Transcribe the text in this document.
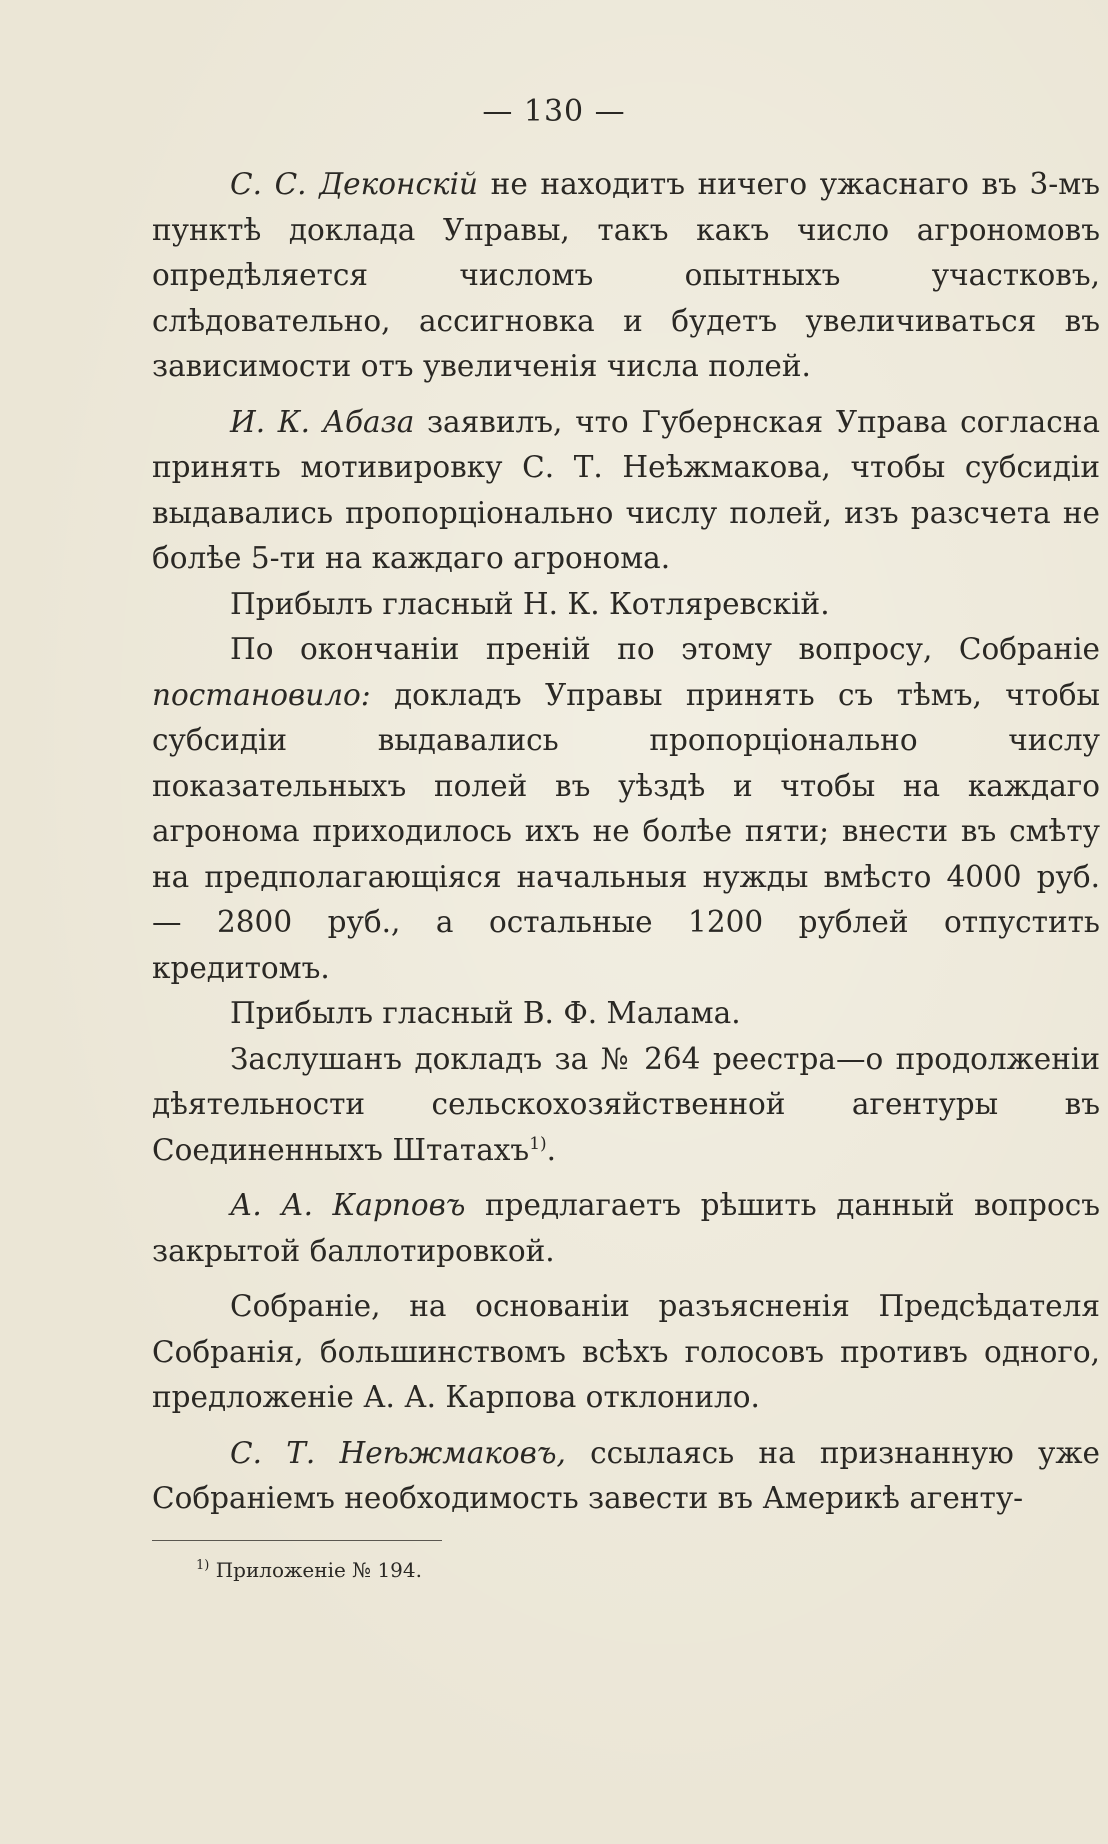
— 130 —

С. С. Деконскій не находитъ ничего ужаснаго въ 3-мъ пунктѣ доклада Управы, такъ какъ число агрономовъ опредѣляется числомъ опытныхъ участковъ, слѣдовательно, ассигновка и будетъ увеличиваться въ зависимости отъ увеличенія числа полей.

И. К. Абаза заявилъ, что Губернская Управа согласна принять мотивировку С. Т. Неѣжмакова, чтобы субсидіи выдавались пропорціонально числу полей, изъ разсчета не болѣе 5-ти на каждаго агронома.

Прибылъ гласный Н. К. Котляревскій.

По окончаніи преній по этому вопросу, Собраніе постановило: докладъ Управы принять съ тѣмъ, чтобы субсидіи выдавались пропорціонально числу показательныхъ полей въ уѣздѣ и чтобы на каждаго агронома приходилось ихъ не болѣе пяти; внести въ смѣту на предполагающіяся начальныя нужды вмѣсто 4000 руб. — 2800 руб., а остальные 1200 рублей отпустить кредитомъ.

Прибылъ гласный В. Ф. Малама.

Заслушанъ докладъ за № 264 реестра—о продолженіи дѣятельности сельскохозяйственной агентуры въ Соединенныхъ Штатахъ$^{1)}$.

А. А. Карповъ предлагаетъ рѣшить данный вопросъ закрытой баллотировкой.

Собраніе, на основаніи разъясненія Предсѣдателя Собранія, большинствомъ всѣхъ голосовъ противъ одного, предложеніе А. А. Карпова отклонило.

С. Т. Неѣжмаковъ, ссылаясь на признанную уже Собраніемъ необходимость завести въ Америкѣ агенту-

$^{1)}$ Приложеніе № 194.
